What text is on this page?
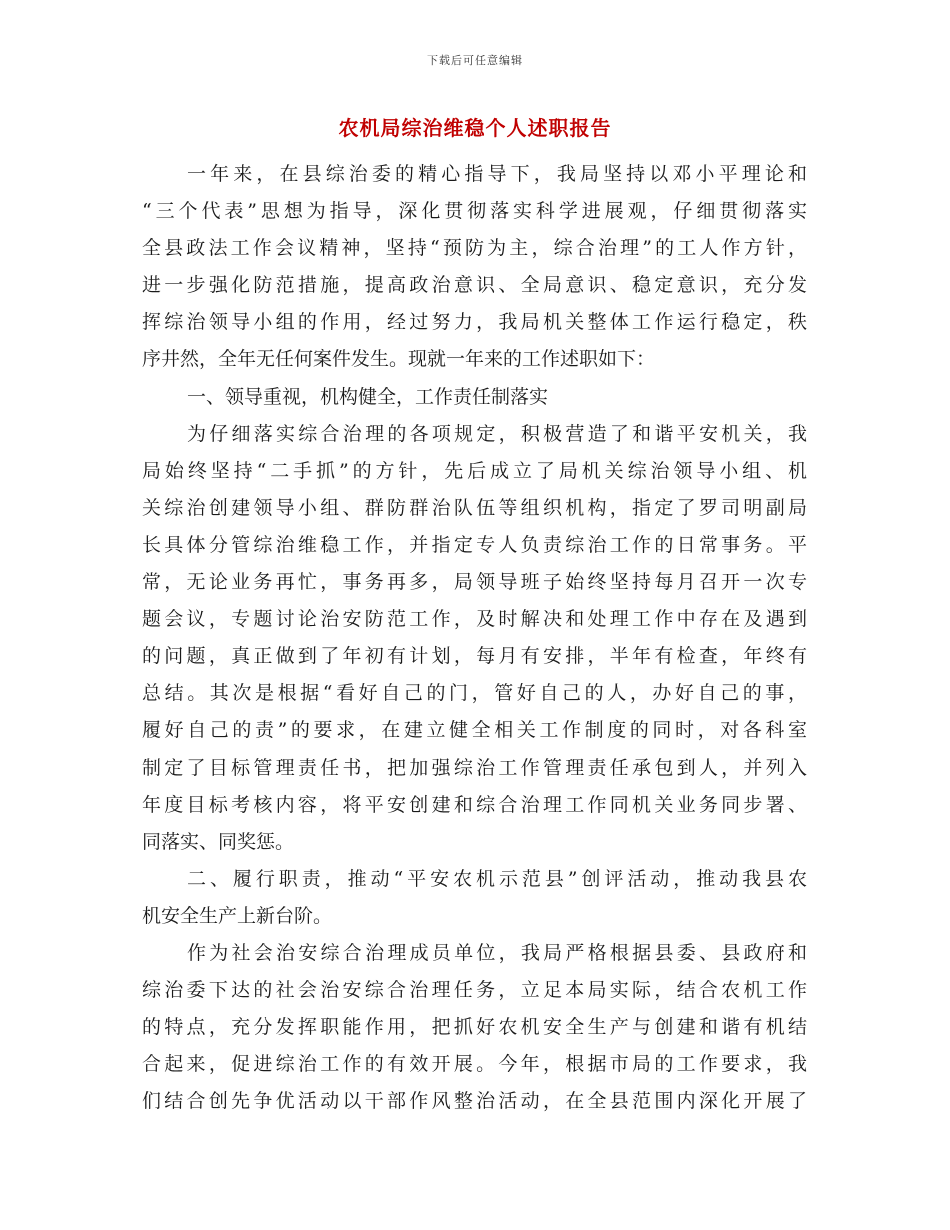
下载后可任意编辑
农机局综治维稳个人述职报告
一年来，在县综治委的精心指导下，我局坚持以邓小平理论和
“三个代表”思想为指导，深化贯彻落实科学进展观，仔细贯彻落实
全县政法工作会议精神，坚持“预防为主，综合治理”的工人作方针，
进一步强化防范措施，提高政治意识、全局意识、稳定意识，充分发
挥综治领导小组的作用，经过努力，我局机关整体工作运行稳定，秩
序井然，全年无任何案件发生。现就一年来的工作述职如下：
一、领导重视，机构健全，工作责任制落实
为仔细落实综合治理的各项规定，积极营造了和谐平安机关，我
局始终坚持“二手抓”的方针，先后成立了局机关综治领导小组、机
关综治创建领导小组、群防群治队伍等组织机构，指定了罗司明副局
长具体分管综治维稳工作，并指定专人负责综治工作的日常事务。平
常，无论业务再忙，事务再多，局领导班子始终坚持每月召开一次专
题会议，专题讨论治安防范工作，及时解决和处理工作中存在及遇到
的问题，真正做到了年初有计划，每月有安排，半年有检查，年终有
总结。其次是根据“看好自己的门，管好自己的人，办好自己的事，
履好自己的责”的要求，在建立健全相关工作制度的同时，对各科室
制定了目标管理责任书，把加强综治工作管理责任承包到人，并列入
年度目标考核内容，将平安创建和综合治理工作同机关业务同步署、
同落实、同奖惩。
二、履行职责，推动“平安农机示范县”创评活动，推动我县农
机安全生产上新台阶。
作为社会治安综合治理成员单位，我局严格根据县委、县政府和
综治委下达的社会治安综合治理任务，立足本局实际，结合农机工作
的特点，充分发挥职能作用，把抓好农机安全生产与创建和谐有机结
合起来，促进综治工作的有效开展。今年，根据市局的工作要求，我
们结合创先争优活动以干部作风整治活动，在全县范围内深化开展了
